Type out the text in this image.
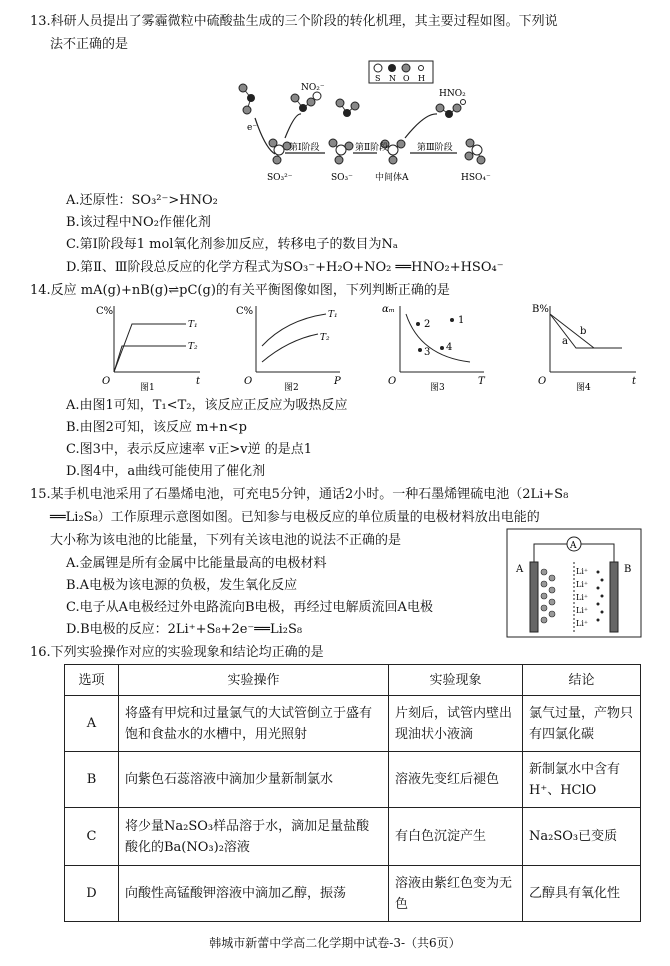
13.科研人员提出了雾霾微粒中硫酸盐生成的三个阶段的转化机理，其主要过程如图。下列说
法不正确的是
S N O H
NO₂⁻
HNO₂
SO₃²⁻	SO₃⁻ 中间体A	HSO₄⁻
e⁻
第Ⅰ阶段	第Ⅱ阶段	第Ⅲ阶段
A.还原性：SO₃²⁻>HNO₂
B.该过程中NO₂作催化剂
C.第Ⅰ阶段每1 mol氧化剂参加反应，转移电子的数目为Nₐ
D.第Ⅱ、Ⅲ阶段总反应的化学方程式为SO₃⁻+H₂O+NO₂ ══HNO₂+HSO₄⁻
14.反应 mA(g)+nB(g)⇌pC(g)的有关平衡图像如图，下列判断正确的是
C%
t
O
T₁
T₂
图1
C%
P
O
T₁
T₂
图2
αₘ
T
O
1
2
3 4
图3
B%
t
O
a
b
图4
A.由图1可知，T₁<T₂，该反应正反应为吸热反应
B.由图2可知，该反应 m+n<p
C.图3中，表示反应速率 v正>v逆 的是点1
D.图4中，a曲线可能使用了催化剂
15.某手机电池采用了石墨烯电池，可充电5分钟，通话2小时。一种石墨烯锂硫电池（2Li+S₈
══Li₂S₈）工作原理示意图如图。已知参与电极反应的单位质量的电极材料放出电能的
大小称为该电池的比能量，下列有关该电池的说法不正确的是	A
A	B
Li⁺
Li⁺
Li⁺
Li⁺
Li⁺
A.金属锂是所有金属中比能量最高的电极材料
B.A电极为该电源的负极，发生氧化反应
C.电子从A电极经过外电路流向B电极，再经过电解质流回A电极
D.B电极的反应：2Li⁺+S₈+2e⁻══Li₂S₈
16.下列实验操作对应的实验现象和结论均正确的是
选项	实验操作	实验现象	结论
A	将盛有甲烷和过量氯气的大试管倒立于盛有饱和食盐水的水槽中，用光照射	片刻后，试管内壁出现油状小液滴	氯气过量，产物只有四氯化碳
B	向紫色石蕊溶液中滴加少量新制氯水	溶液先变红后褪色	新制氯水中含有H⁺、HClO
C	将少量Na₂SO₃样品溶于水，滴加足量盐酸酸化的Ba(NO₃)₂溶液	有白色沉淀产生	Na₂SO₃已变质
D	向酸性高锰酸钾溶液中滴加乙醇，振荡	溶液由紫红色变为无色	乙醇具有氧化性
韩城市新蕾中学高二化学期中试卷-3-（共6页）
